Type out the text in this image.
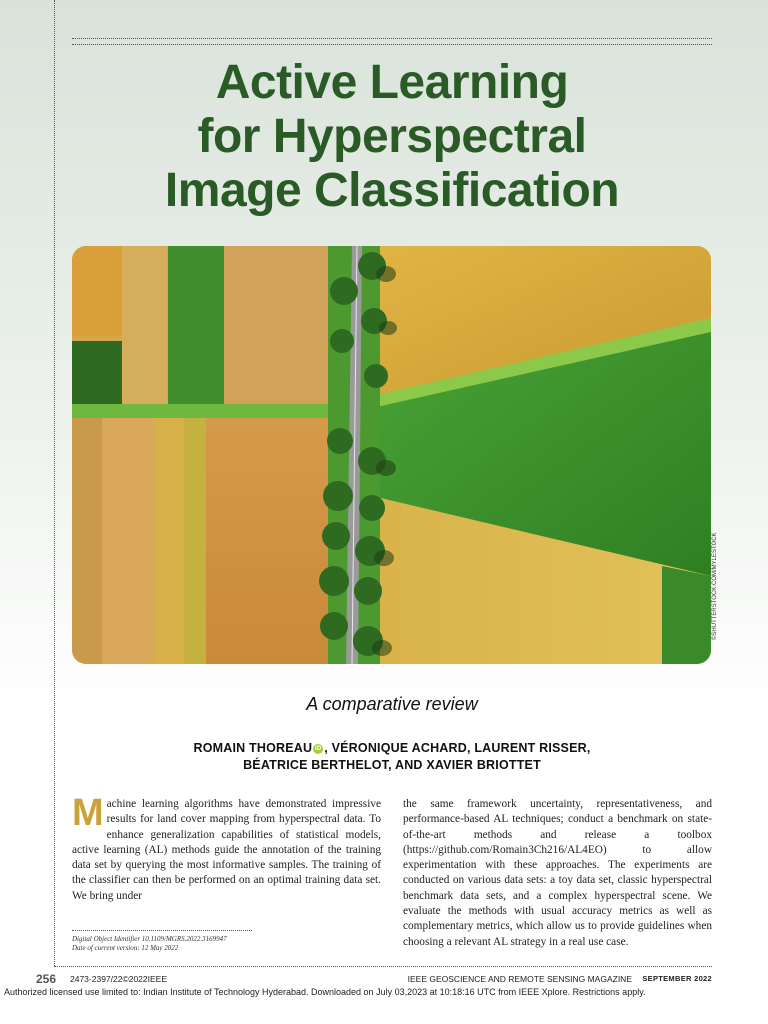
Active Learning
for Hyperspectral
Image Classification
©SHUTTERSTOCK.COM/MYLESTOCK
A comparative review
ROMAIN THOREAU iD , VÉRONIQUE ACHARD, LAURENT RISSER,
BÉATRICE BERTHELOT, AND XAVIER BRIOTTET
Machine learning algorithms have demonstrated impressive results for land cover mapping from hyperspectral data. To enhance generalization capabilities of statistical models, active learning (AL) methods guide the annotation of the training data set by querying the most informative samples. The training of the classifier can then be performed on an optimal training data set. We bring under
the same framework uncertainty, representativeness, and performance-based AL techniques; conduct a benchmark on state-of-the-art methods and release a toolbox (https://github.com/Romain3Ch216/AL4EO) to allow experimentation with these approaches. The experiments are conducted on various data sets: a toy data set, classic hyperspectral benchmark data sets, and a complex hyperspectral scene. We evaluate the methods with usual accuracy metrics as well as complementary metrics, which allow us to provide guidelines when choosing a relevant AL strategy in a real use case.
Digital Object Identifier 10.1109/MGRS.2022.3169947
Date of current version: 12 May 2022
256 2473-2397/22©2022IEEE	IEEE GEOSCIENCE AND REMOTE SENSING MAGAZINE SEPTEMBER 2022
Authorized licensed use limited to: Indian Institute of Technology Hyderabad. Downloaded on July 03,2023 at 10:18:16 UTC from IEEE Xplore. Restrictions apply.
